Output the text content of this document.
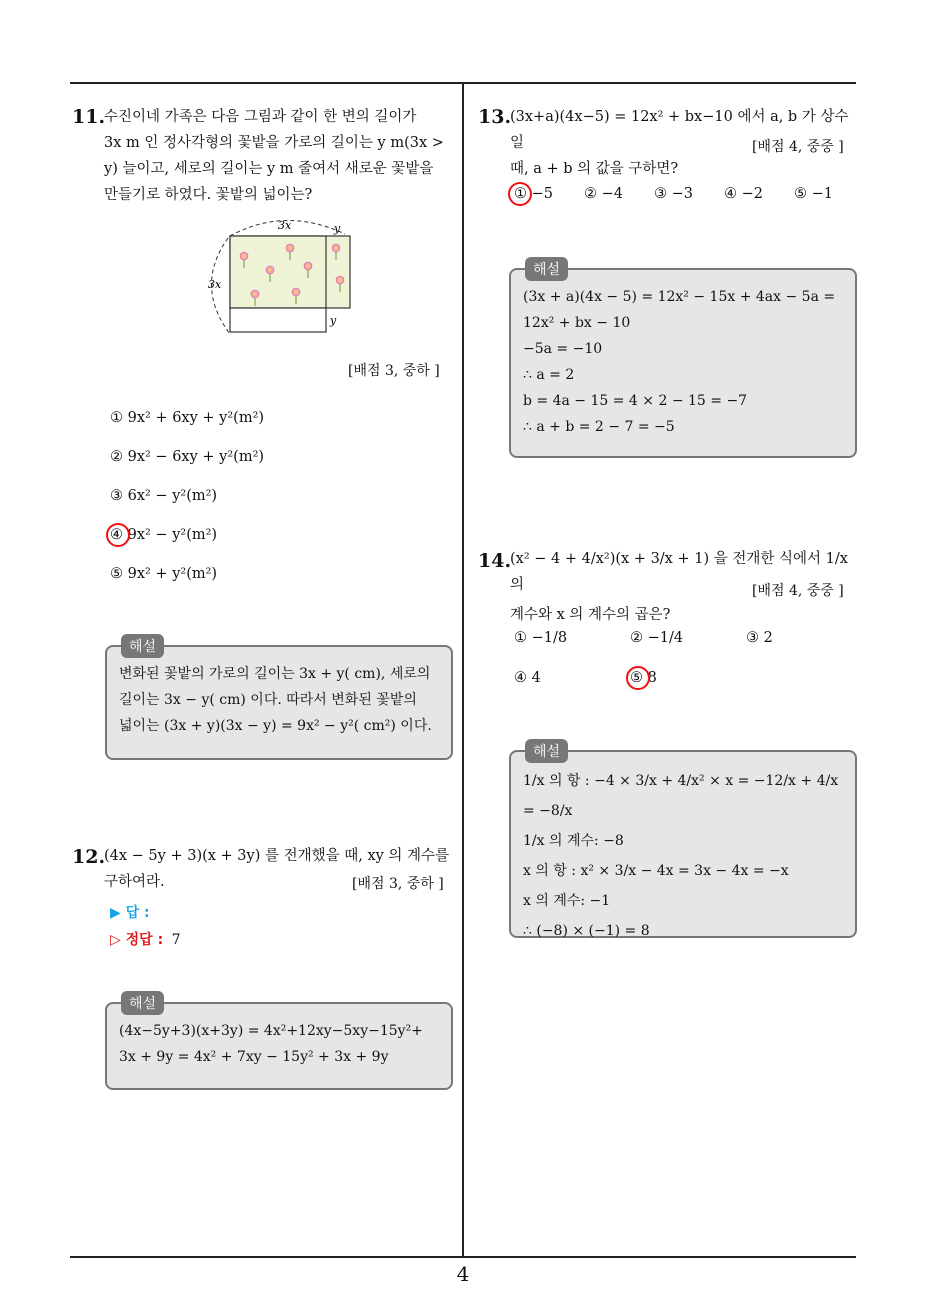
4
11.
수진이네 가족은 다음 그림과 같이 한 변의 길이가
3x m 인 정사각형의 꽃밭을 가로의 길이는 y m(3x >
y) 늘이고, 세로의 길이는 y m 줄여서 새로운 꽃밭을
만들기로 하였다. 꽃밭의 넓이는?
3x
3x
y
y
[배점 3, 중하 ]
① 9x² + 6xy + y²(m²)
② 9x² − 6xy + y²(m²)
③ 6x² − y²(m²)
④ 9x² − y²(m²)
⑤ 9x² + y²(m²)
해설
변화된 꽃밭의 가로의 길이는 3x + y( cm), 세로의
길이는 3x − y( cm) 이다. 따라서 변화된 꽃밭의
넓이는 (3x + y)(3x − y) = 9x² − y²( cm²) 이다.
12.
(4x − 5y + 3)(x + 3y) 를 전개했을 때, xy 의 계수를
구하여라.	[배점 3, 중하 ]
▶ 답 :
▷ 정답 : 7
해설
(4x−5y+3)(x+3y) = 4x²+12xy−5xy−15y²+
3x + 9y = 4x² + 7xy − 15y² + 3x + 9y
13.
(3x+a)(4x−5) = 12x² + bx−10 에서 a, b 가 상수일
때, a + b 의 값을 구하면?
[배점 4, 중중 ]
① −5 ② −4 ③ −3 ④ −2 ⑤ −1
해설
(3x + a)(4x − 5) = 12x² − 15x + 4ax − 5a =
12x² + bx − 10
−5a = −10
∴ a = 2
b = 4a − 15 = 4 × 2 − 15 = −7
∴ a + b = 2 − 7 = −5
14.
(x² − 4 + 4/x²)(x + 3/x + 1) 을 전개한 식에서 1/x 의
계수와 x 의 계수의 곱은?
[배점 4, 중중 ]
① −1/8	② −1/4	③ 2
④ 4	⑤ 8
해설
1/x 의 항 : −4 × 3/x + 4/x² × x = −12/x + 4/x = −8/x
1/x 의 계수: −8
x 의 항 : x² × 3/x − 4x = 3x − 4x = −x
x 의 계수: −1
∴ (−8) × (−1) = 8
